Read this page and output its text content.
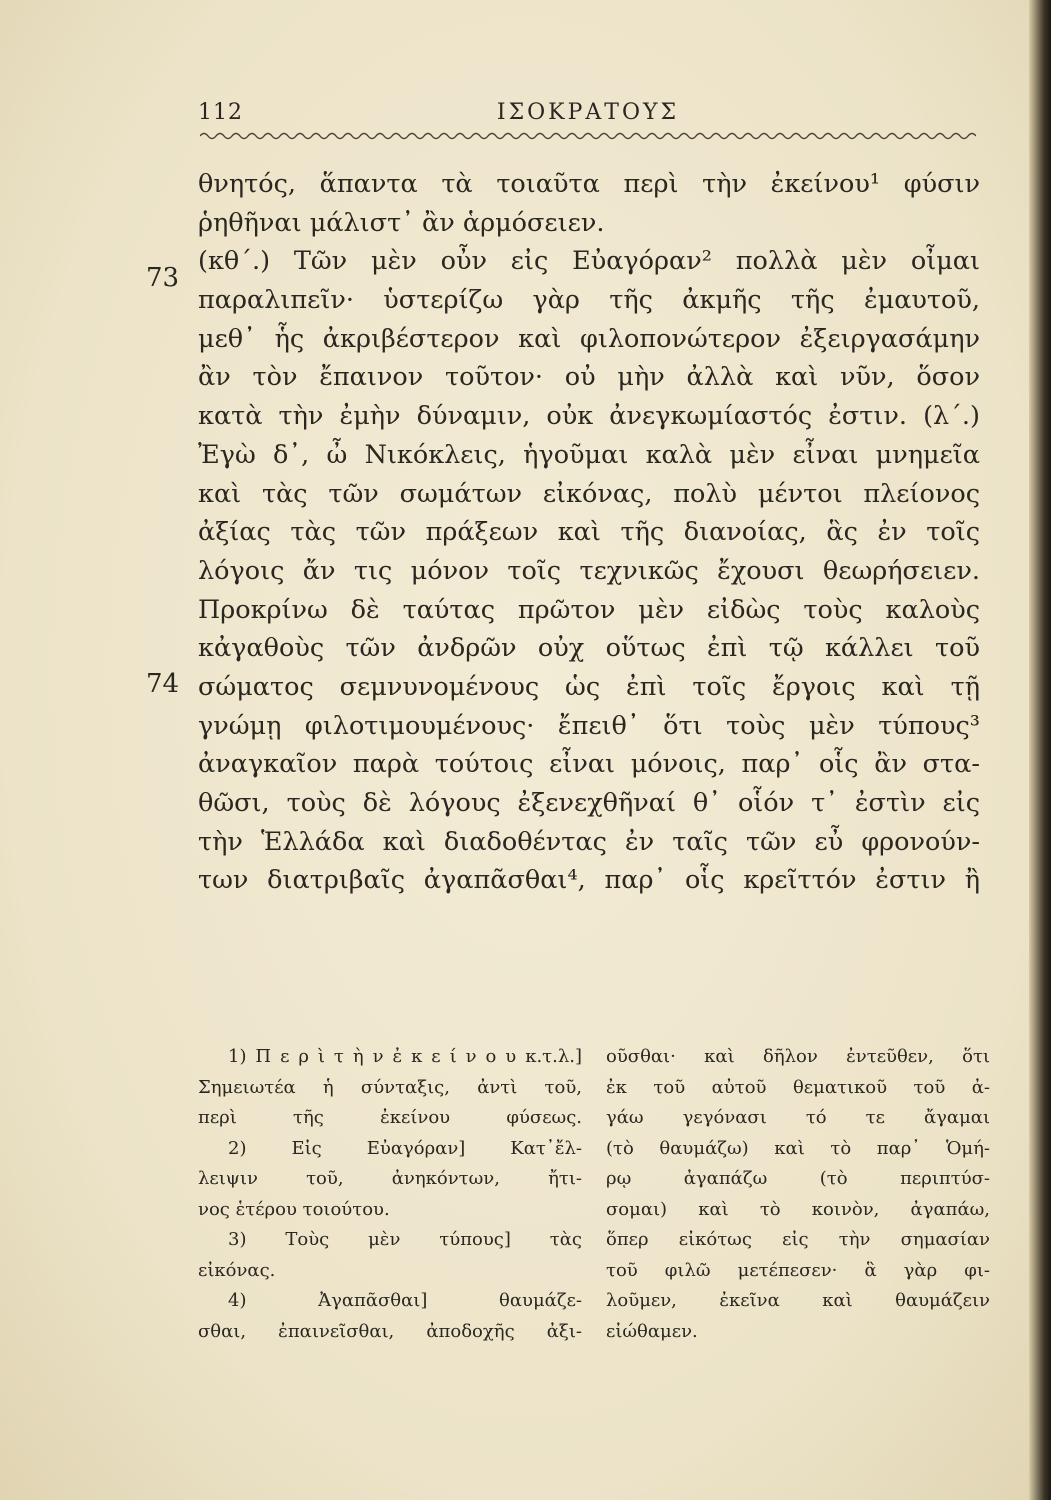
112	ΙΣΟΚΡΑΤΟΥΣ
73
74
θνητός, ἅπαντα τὰ τοιαῦτα περὶ τὴν ἐκείνου¹ φύσιν
ῥηθῆναι μάλιστ᾽ ἂν ἁρμόσειεν.
(κθ΄.) Τῶν μὲν οὖν εἰς Εὐαγόραν² πολλὰ μὲν οἶμαι
παραλιπεῖν· ὑστερίζω γὰρ τῆς ἀκμῆς τῆς ἐμαυτοῦ,
μεθ᾽ ἧς ἀκριβέστερον καὶ φιλοπονώτερον ἐξειργασάμην
ἂν τὸν ἔπαινον τοῦτον· οὐ μὴν ἀλλὰ καὶ νῦν, ὅσον
κατὰ τὴν ἐμὴν δύναμιν, οὐκ ἀνεγκωμίαστός ἐστιν. (λ΄.)
Ἐγὼ δ᾽, ὦ Νικόκλεις, ἡγοῦμαι καλὰ μὲν εἶναι μνημεῖα
καὶ τὰς τῶν σωμάτων εἰκόνας, πολὺ μέντοι πλείονος
ἀξίας τὰς τῶν πράξεων καὶ τῆς διανοίας, ἃς ἐν τοῖς
λόγοις ἄν τις μόνον τοῖς τεχνικῶς ἔχουσι θεωρήσειεν.
Προκρίνω δὲ ταύτας πρῶτον μὲν εἰδὼς τοὺς καλοὺς
κἀγαθοὺς τῶν ἀνδρῶν οὐχ οὕτως ἐπὶ τῷ κάλλει τοῦ
σώματος σεμνυνομένους ὡς ἐπὶ τοῖς ἔργοις καὶ τῇ
γνώμῃ φιλοτιμουμένους· ἔπειθ᾽ ὅτι τοὺς μὲν τύπους³
ἀναγκαῖον παρὰ τούτοις εἶναι μόνοις, παρ᾽ οἷς ἂν στα-
θῶσι, τοὺς δὲ λόγους ἐξενεχθῆναί θ᾽ οἷόν τ᾽ ἐστὶν εἰς
τὴν Ἑλλάδα καὶ διαδοθέντας ἐν ταῖς τῶν εὖ φρονούν-
των διατριβαῖς ἀγαπᾶσθαι⁴, παρ᾽ οἷς κρεῖττόν ἐστιν ἢ
1) Π ε ρ ὶ τ ὴ ν ἐ κ ε ί ν ο υ κ.τ.λ.]
Σημειωτέα ἡ σύνταξις, ἀντὶ τοῦ,
περὶ τῆς ἐκείνου φύσεως.
2) Εἰς Εὐαγόραν] Κατ᾽ἔλ-
λειψιν τοῦ, ἀνηκόντων, ἤτι-
νος ἑτέρου τοιούτου.
3) Τοὺς μὲν τύπους] τὰς
εἰκόνας.
4) Ἀγαπᾶσθαι] θαυμάζε-
σθαι, ἐπαινεῖσθαι, ἀποδοχῆς ἀξι-
οῦσθαι· καὶ δῆλον ἐντεῦθεν, ὅτι
ἐκ τοῦ αὐτοῦ θεματικοῦ τοῦ ἀ-
γάω γεγόνασι τό τε ἄγαμαι
(τὸ θαυμάζω) καὶ τὸ παρ᾽ Ὁμή-
ρῳ ἀγαπάζω (τὸ περιπτύσ-
σομαι) καὶ τὸ κοινὸν, ἀγαπάω,
ὅπερ εἰκότως εἰς τὴν σημασίαν
τοῦ φιλῶ μετέπεσεν· ἃ γὰρ φι-
λοῦμεν, ἐκεῖνα καὶ θαυμάζειν
εἰώθαμεν.
